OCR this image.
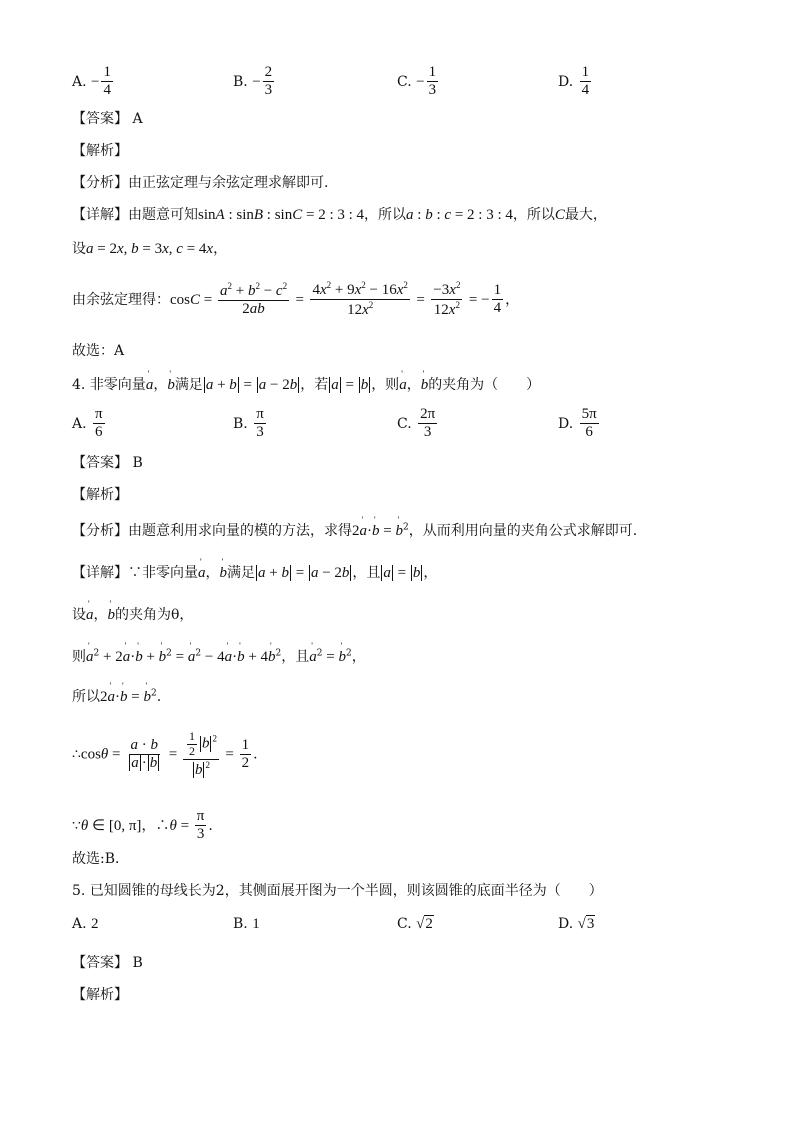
A. − $\frac{1}{4}$	B. − $\frac{2}{3}$	C. − $\frac{1}{3}$	D. $\frac{1}{4}$
【答案】 A
【解析】
【分析】由正弦定理与余弦定理求解即可.
【详解】由题意可知sinA : sinB : sinC = 2 : 3 : 4，所以a : b : c = 2 : 3 : 4，所以C最大，
设a = 2x, b = 3x, c = 4x，
由余弦定理得：$\cos C = \frac{a^2 + b^2 - c^2}{2ab} = \frac{4x^2 + 9x^2 - 16x^2}{12x^2} = \frac{-3x^2}{12x^2}$ = − $\frac{1}{4}$ ，
故选：A
4. 非零向量' a，' b满足 a + b = a − 2b ，若 a = b ，则' a，' b的夹角为（　　）
A. $\frac{\pi}{6}$	B. $\frac{\pi}{3}$	C. $\frac{2\pi}{3}$	D. $\frac{5\pi}{6}$
【答案】 B
【解析】
【分析】由题意利用求向量的模的方法，求得2' a·' b = ' $b^2$，从而利用向量的夹角公式求解即可.
【详解】∵非零向量' a，' b满足 a + b = a − 2b ，且 a = b ，
设' a，' b的夹角为θ，
则' $a^2 + 2'$ a·' b + ' $b^2$ = ' $a^2 - 4'$ a·' b + 4' $b^2$，且' $a^2$ = ' $b^2$，
所以2' a·' b = ' $b^2$.
∴cosθ = $\frac{a \cdot b}{a \cdot b} = \frac{\frac{1}{2} b ^2}{b ^2} = \frac{1}{2}$ .
∵θ ∈ [0, π]，∴θ = $\frac{\pi}{3}$ .
故选:B．
5. 已知圆锥的母线长为2，其侧面展开图为一个半圆，则该圆锥的底面半径为（　　）
A. 2	B. 1	C. √2	D. √3
【答案】 B
【解析】
